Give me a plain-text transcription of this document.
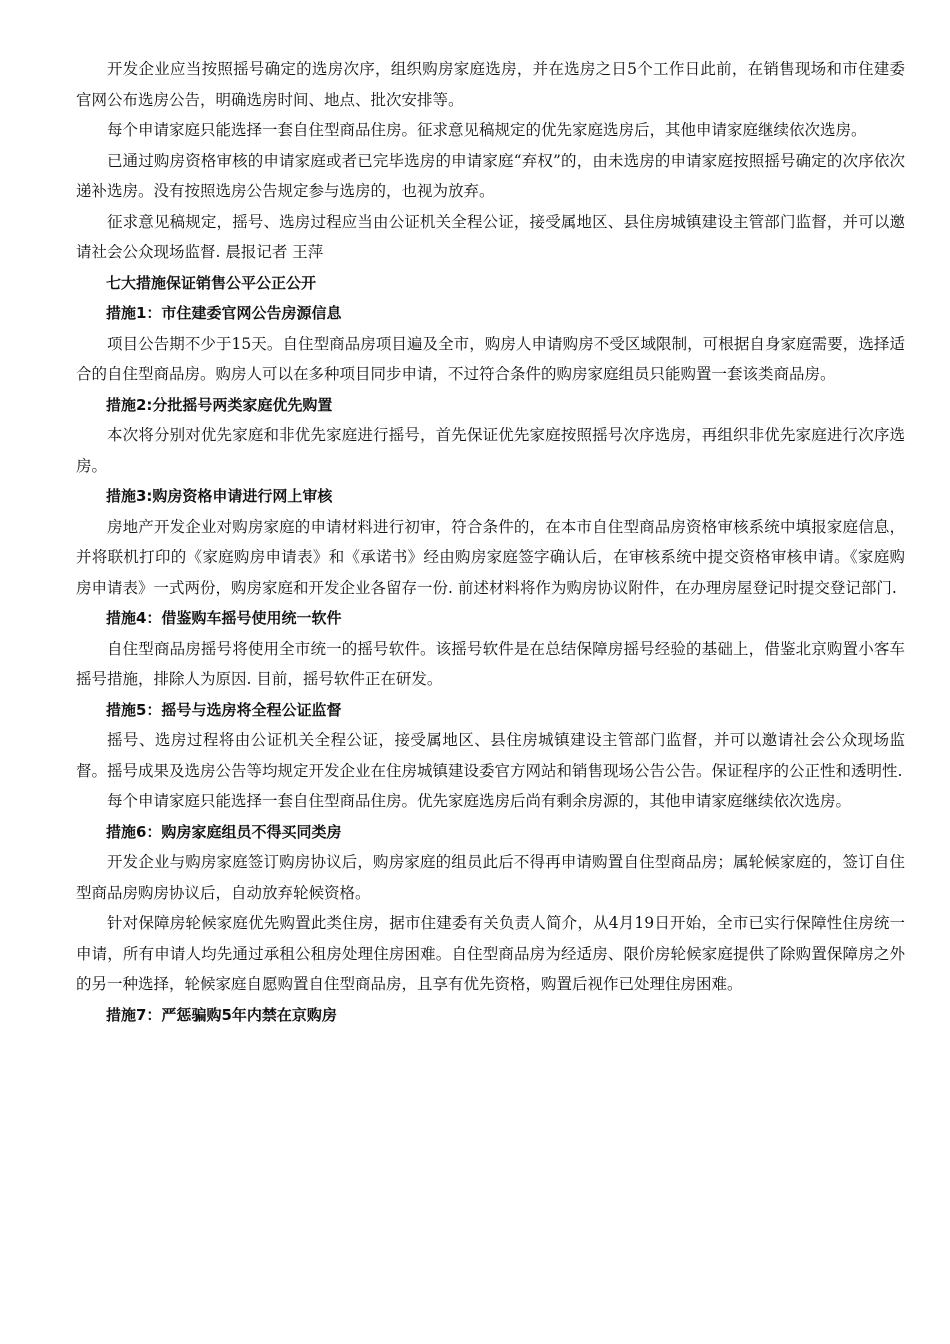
开发企业应当按照摇号确定的选房次序，组织购房家庭选房，并在选房之日5个工作日此前，在销售现场和市住建委官网公布选房公告，明确选房时间、地点、批次安排等。

每个申请家庭只能选择一套自住型商品住房。征求意见稿规定的优先家庭选房后，其他申请家庭继续依次选房。

已通过购房资格审核的申请家庭或者已完毕选房的申请家庭“弃权”的，由未选房的申请家庭按照摇号确定的次序依次递补选房。没有按照选房公告规定参与选房的，也视为放弃。

征求意见稿规定，摇号、选房过程应当由公证机关全程公证，接受属地区、县住房城镇建设主管部门监督，并可以邀请社会公众现场监督. 晨报记者 王萍

七大措施保证销售公平公正公开

措施1：市住建委官网公告房源信息

项目公告期不少于15天。自住型商品房项目遍及全市，购房人申请购房不受区域限制，可根据自身家庭需要，选择适合的自住型商品房。购房人可以在多种项目同步申请，不过符合条件的购房家庭组员只能购置一套该类商品房。

措施2:分批摇号两类家庭优先购置

本次将分别对优先家庭和非优先家庭进行摇号，首先保证优先家庭按照摇号次序选房，再组织非优先家庭进行次序选房。

措施3:购房资格申请进行网上审核

房地产开发企业对购房家庭的申请材料进行初审，符合条件的，在本市自住型商品房资格审核系统中填报家庭信息，并将联机打印的《家庭购房申请表》和《承诺书》经由购房家庭签字确认后，在审核系统中提交资格审核申请。《家庭购房申请表》一式两份，购房家庭和开发企业各留存一份. 前述材料将作为购房协议附件，在办理房屋登记时提交登记部门.

措施4：借鉴购车摇号使用统一软件

自住型商品房摇号将使用全市统一的摇号软件。该摇号软件是在总结保障房摇号经验的基础上，借鉴北京购置小客车摇号措施，排除人为原因. 目前，摇号软件正在研发。

措施5：摇号与选房将全程公证监督

摇号、选房过程将由公证机关全程公证，接受属地区、县住房城镇建设主管部门监督，并可以邀请社会公众现场监督。摇号成果及选房公告等均规定开发企业在住房城镇建设委官方网站和销售现场公告公告。保证程序的公正性和透明性.

每个申请家庭只能选择一套自住型商品住房。优先家庭选房后尚有剩余房源的，其他申请家庭继续依次选房。

措施6：购房家庭组员不得买同类房

开发企业与购房家庭签订购房协议后，购房家庭的组员此后不得再申请购置自住型商品房；属轮候家庭的，签订自住型商品房购房协议后，自动放弃轮候资格。

针对保障房轮候家庭优先购置此类住房，据市住建委有关负责人简介，从4月19日开始，全市已实行保障性住房统一申请，所有申请人均先通过承租公租房处理住房困难。自住型商品房为经适房、限价房轮候家庭提供了除购置保障房之外的另一种选择，轮候家庭自愿购置自住型商品房，且享有优先资格，购置后视作已处理住房困难。

措施7：严惩骗购5年内禁在京购房
